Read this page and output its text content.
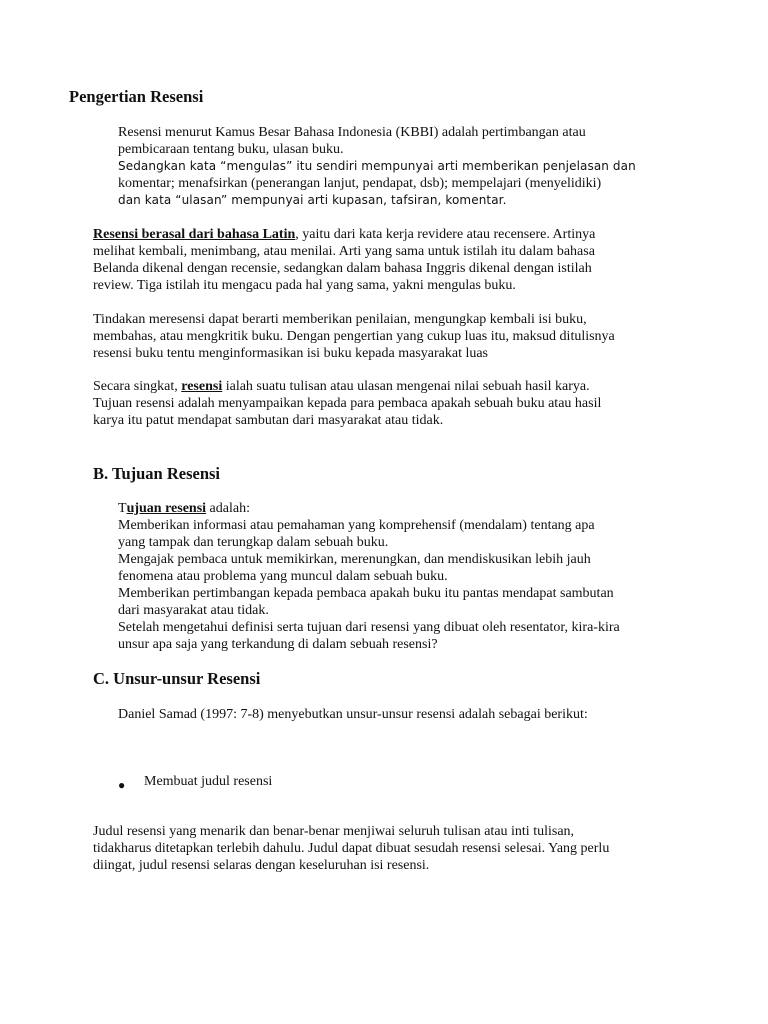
Pengertian Resensi
Resensi menurut Kamus Besar Bahasa Indonesia (KBBI) adalah pertimbangan atau
pembicaraan tentang buku, ulasan buku.
Sedangkan kata “mengulas” itu sendiri mempunyai arti memberikan penjelasan dan
komentar; menafsirkan (penerangan lanjut, pendapat, dsb); mempelajari (menyelidiki)
dan kata “ulasan” mempunyai arti kupasan, tafsiran, komentar.
Resensi berasal dari bahasa Latin, yaitu dari kata kerja revidere atau recensere. Artinya
melihat kembali, menimbang, atau menilai. Arti yang sama untuk istilah itu dalam bahasa
Belanda dikenal dengan recensie, sedangkan dalam bahasa Inggris dikenal dengan istilah
review. Tiga istilah itu mengacu pada hal yang sama, yakni mengulas buku.
Tindakan meresensi dapat berarti memberikan penilaian, mengungkap kembali isi buku,
membahas, atau mengkritik buku. Dengan pengertian yang cukup luas itu, maksud ditulisnya
resensi buku tentu menginformasikan isi buku kepada masyarakat luas
Secara singkat, resensi ialah suatu tulisan atau ulasan mengenai nilai sebuah hasil karya.
Tujuan resensi adalah menyampaikan kepada para pembaca apakah sebuah buku atau hasil
karya itu patut mendapat sambutan dari masyarakat atau tidak.
B. Tujuan Resensi
Tujuan resensi adalah:
Memberikan informasi atau pemahaman yang komprehensif (mendalam) tentang apa
yang tampak dan terungkap dalam sebuah buku.
Mengajak pembaca untuk memikirkan, merenungkan, dan mendiskusikan lebih jauh
fenomena atau problema yang muncul dalam sebuah buku.
Memberikan pertimbangan kepada pembaca apakah buku itu pantas mendapat sambutan
dari masyarakat atau tidak.
Setelah mengetahui definisi serta tujuan dari resensi yang dibuat oleh resentator, kira-kira
unsur apa saja yang terkandung di dalam sebuah resensi?
C. Unsur-unsur Resensi
Daniel Samad (1997: 7-8) menyebutkan unsur-unsur resensi adalah sebagai berikut:
● Membuat judul resensi
Judul resensi yang menarik dan benar-benar menjiwai seluruh tulisan atau inti tulisan,
tidakharus ditetapkan terlebih dahulu. Judul dapat dibuat sesudah resensi selesai. Yang perlu
diingat, judul resensi selaras dengan keseluruhan isi resensi.
